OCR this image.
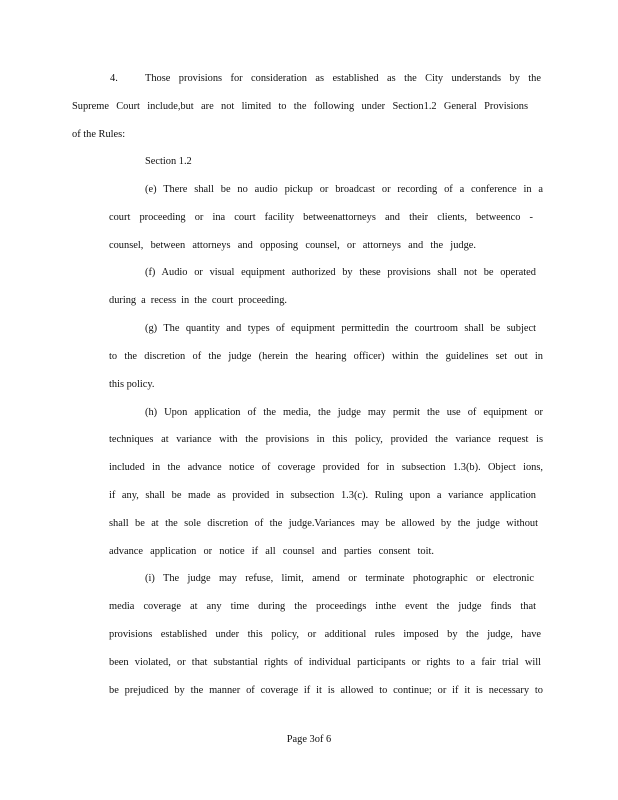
4.	Those provisions for consideration as established as the City understands by the
Supreme Court include,but are not limited to the following under Section1.2 General Provisions
of the Rules:
Section 1.2
(e) There shall be no audio pickup or broadcast or recording of a conference in a
court proceeding or ina court facility betweenattorneys and their clients, betweenco -
counsel, between attorneys and opposing counsel, or attorneys and the judge.
(f) Audio or visual equipment authorized by these provisions shall not be operated
during a recess in the court proceeding.
(g) The quantity and types of equipment permittedin the courtroom shall be subject
to the discretion of the judge (herein the hearing officer) within the guidelines set out in
this policy.
(h) Upon application of the media, the judge may permit the use of equipment or
techniques at variance with the provisions in this policy, provided the variance request is
included in the advance notice of coverage provided for in subsection 1.3(b). Object ions,
if any, shall be made as provided in subsection 1.3(c). Ruling upon a variance application
shall be at the sole discretion of the judge.Variances may be allowed by the judge without
advance application or notice if all counsel and parties consent toit.
(i) The judge may refuse, limit, amend or terminate photographic or electronic
media coverage at any time during the proceedings inthe event the judge finds that
provisions established under this policy, or additional rules imposed by the judge, have
been violated, or that substantial rights of individual participants or rights to a fair trial will
be prejudiced by the manner of coverage if it is allowed to continue; or if it is necessary to
Page 3of 6
